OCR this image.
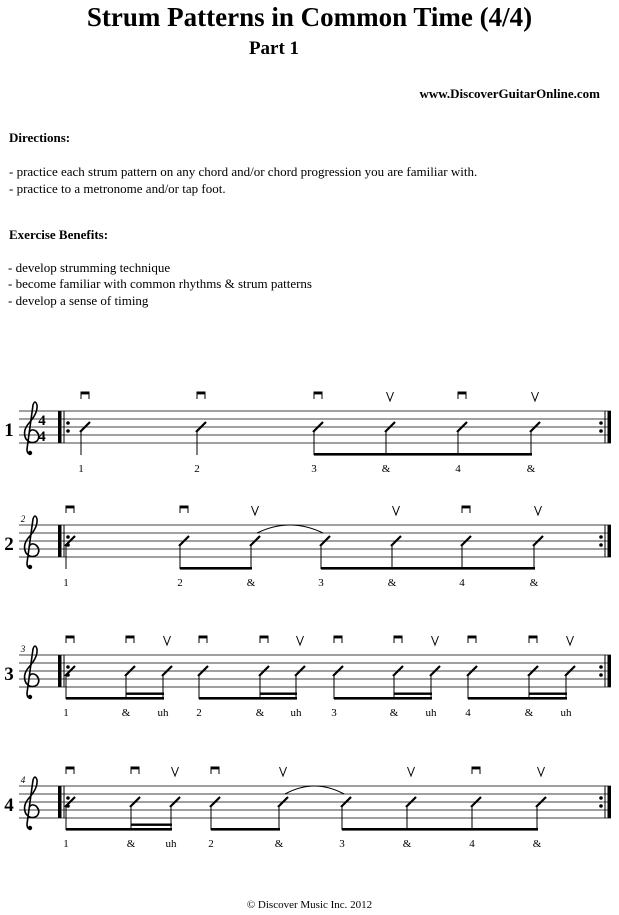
Strum Patterns in Common Time (4/4)
Part 1
www.DiscoverGuitarOnline.com
Directions:
- practice each strum pattern on any chord and/or chord progression you are familiar with.
- practice to a metronome and/or tap foot.
Exercise Benefits:
- develop strumming technique
- become familiar with common rhythms & strum patterns
- develop a sense of timing
1 4
4
1	2	3	&	4	&
2
2
1	2	&	3	&	4	&
3
3
1	& uh	2	& uh	3	& uh	4	& uh
4
4
1	&	uh	2	&	3	&	4	&
© Discover Music Inc. 2012
